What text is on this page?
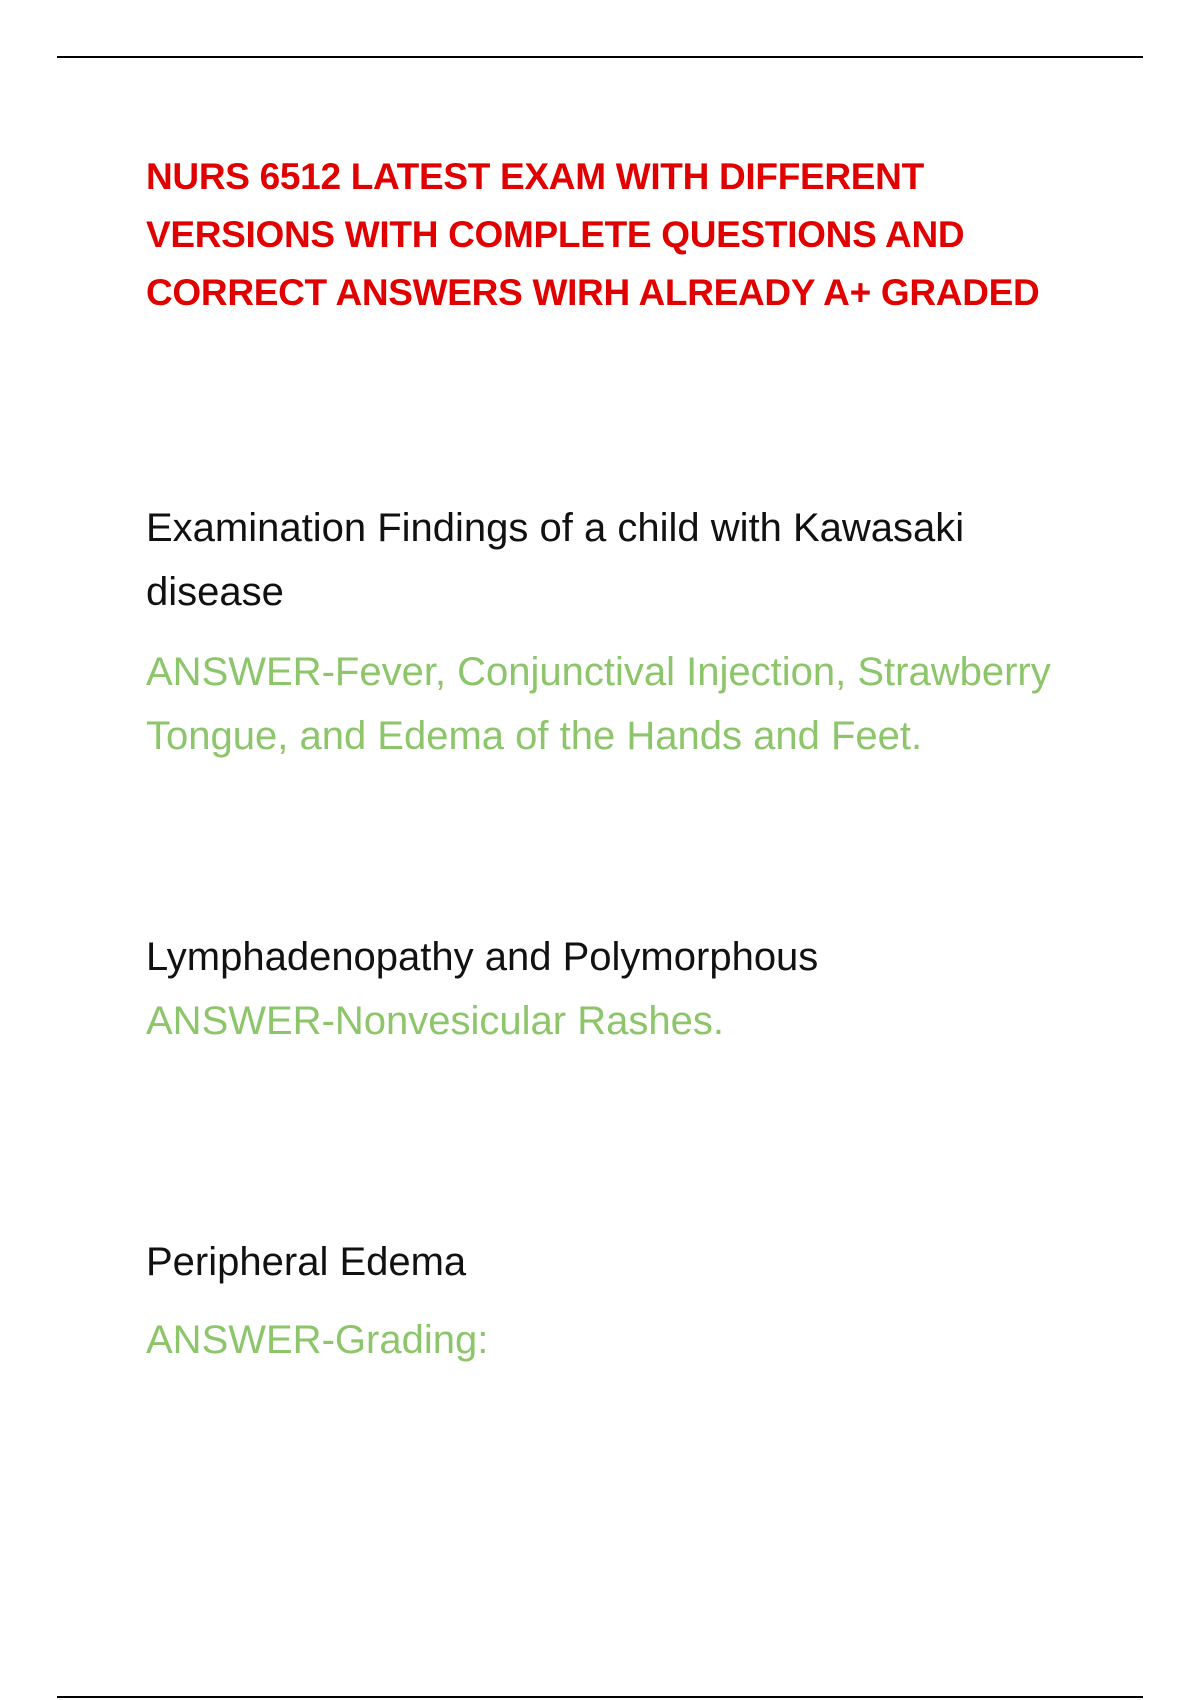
NURS 6512 LATEST EXAM WITH DIFFERENT VERSIONS WITH COMPLETE QUESTIONS AND CORRECT ANSWERS WIRH ALREADY A+ GRADED

Examination Findings of a child with Kawasaki disease

ANSWER-Fever, Conjunctival Injection, Strawberry Tongue, and Edema of the Hands and Feet.

Lymphadenopathy and Polymorphous

ANSWER-Nonvesicular Rashes.

Peripheral Edema

ANSWER-Grading:
